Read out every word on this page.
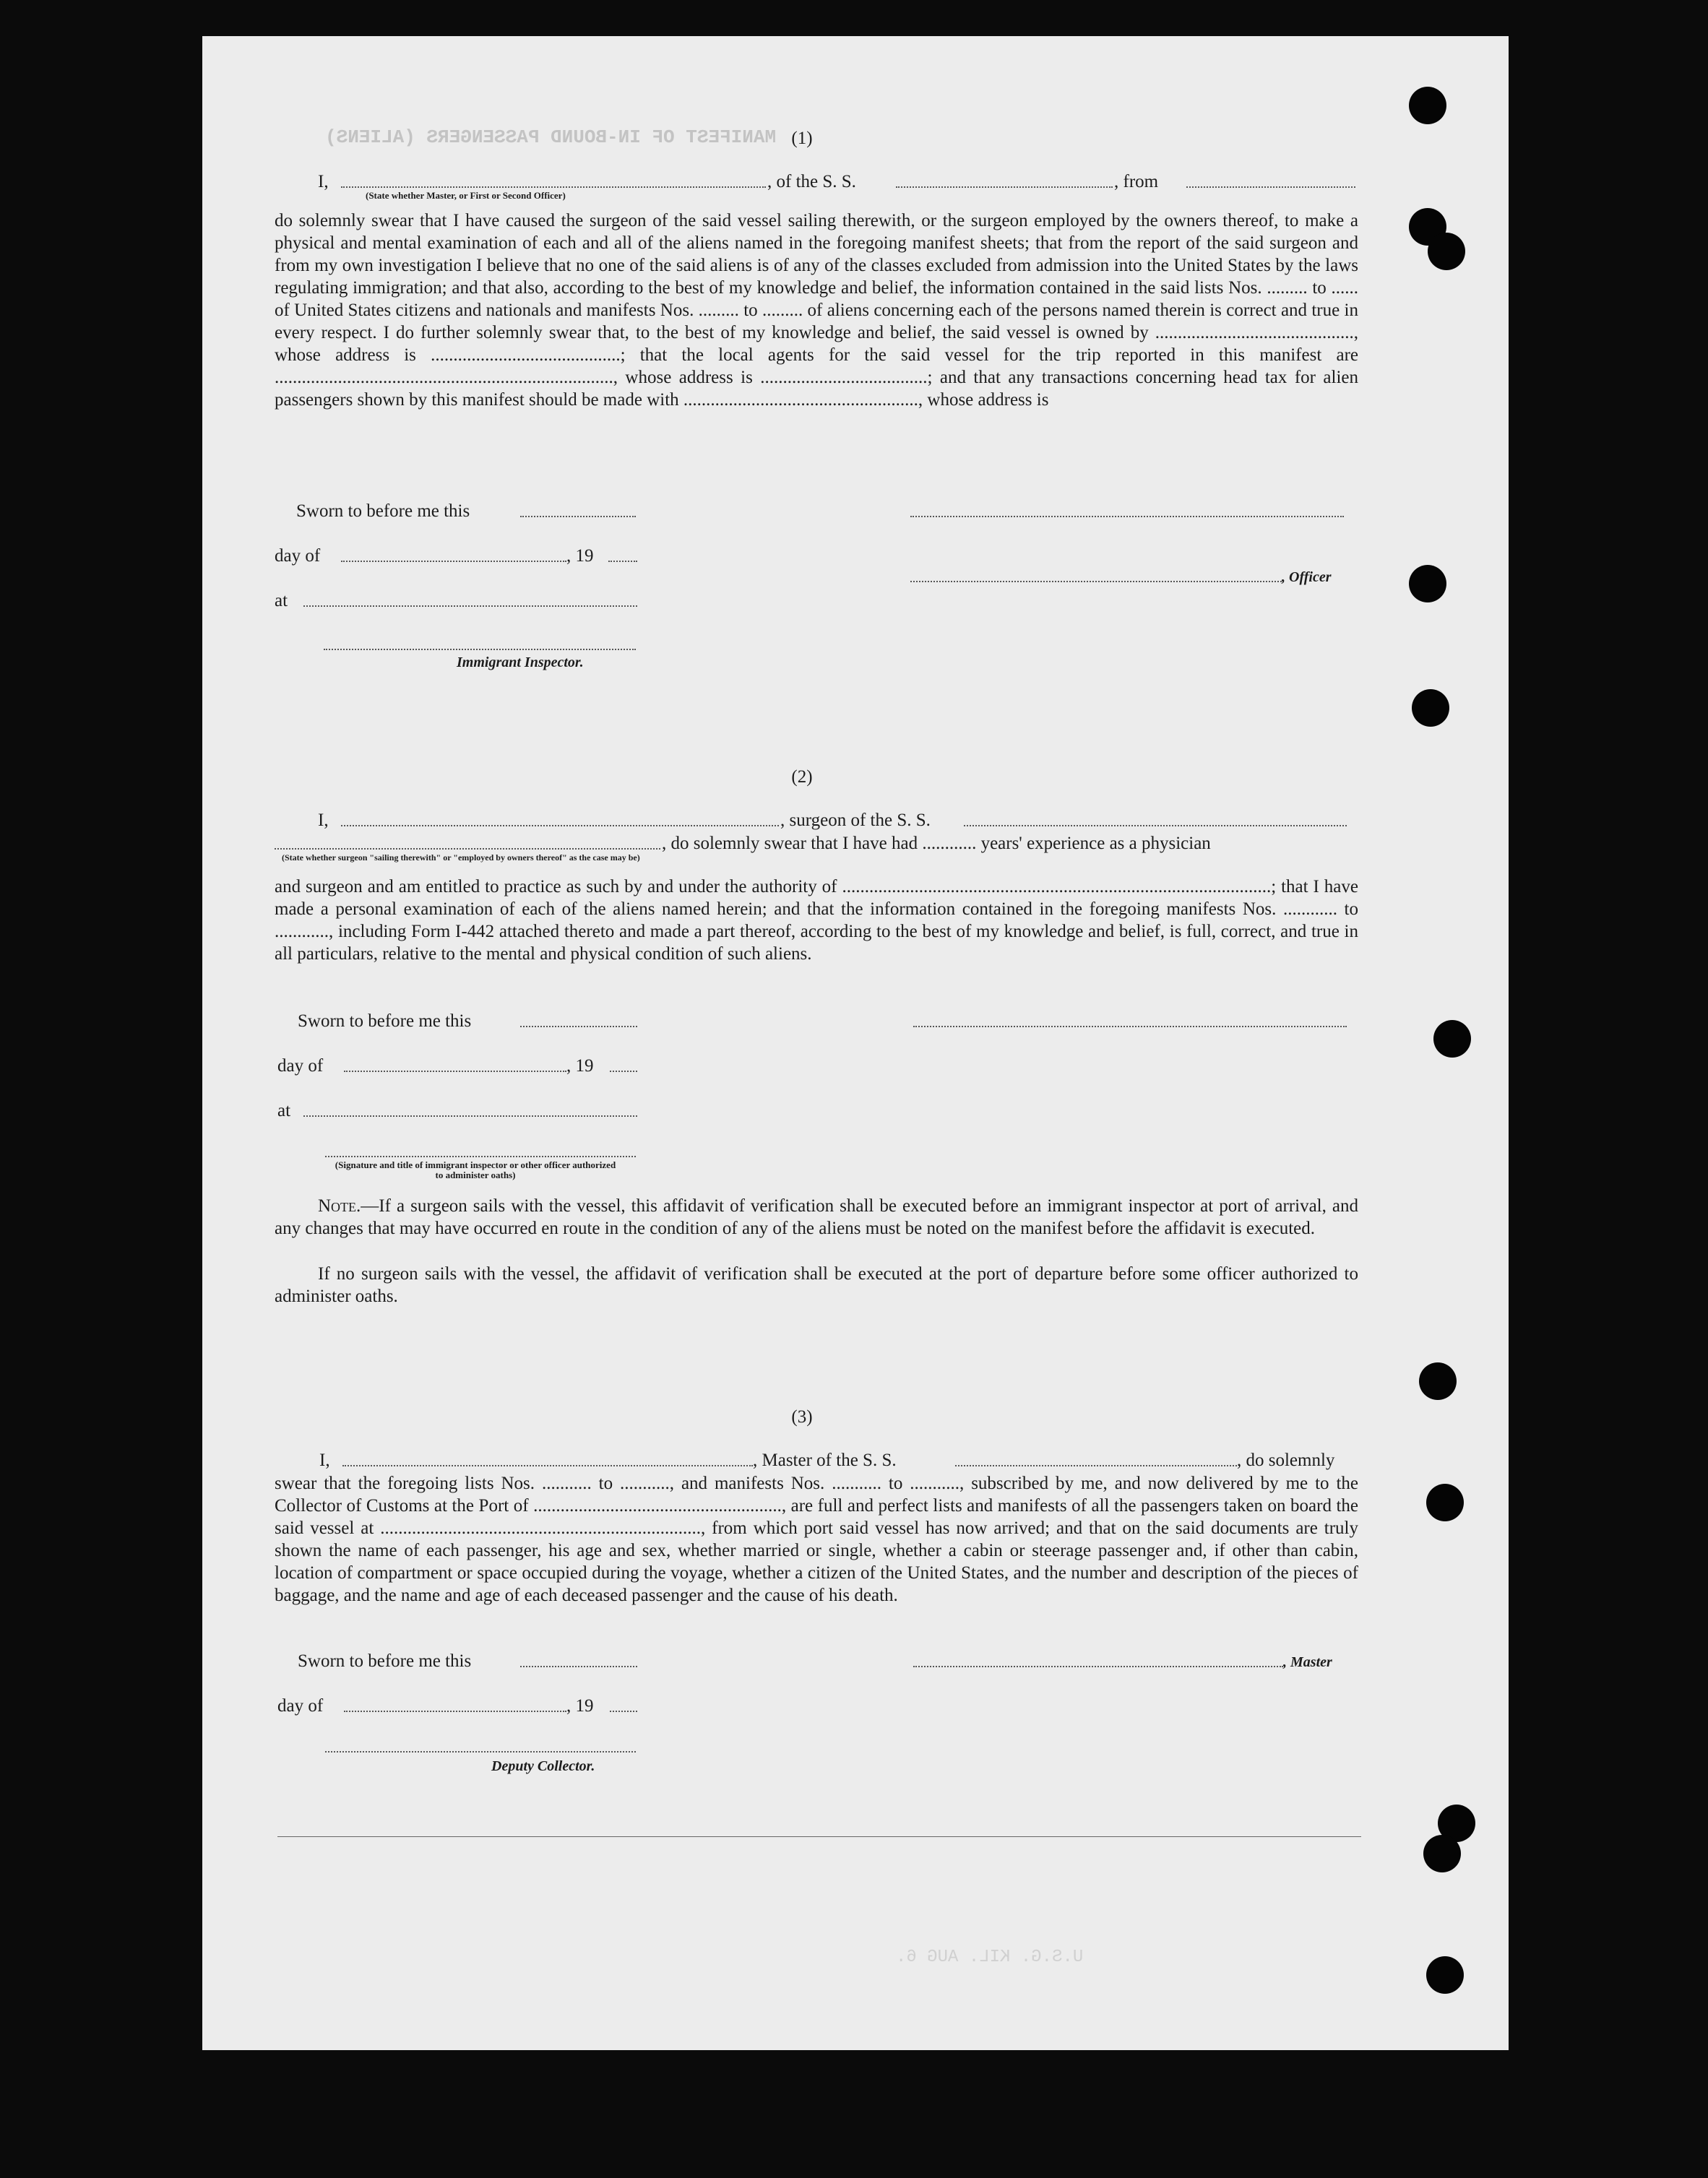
MANIFEST OF IN-BOUND PASSENGERS (ALIENS)
U.S.G. KIL. AUG 6.
(1)
I,	, of the S. S.	, from
(State whether Master, or First or Second Officer)
do solemnly swear that I have caused the surgeon of the said vessel sailing therewith, or the surgeon employed by the owners thereof, to make a physical and mental examination of each and all of the aliens named in the foregoing manifest sheets; that from the report of the said surgeon and from my own investigation I believe that no one of the said aliens is of any of the classes excluded from admission into the United States by the laws regulating immigration; and that also, according to the best of my knowledge and belief, the information contained in the said lists Nos. ......... to ...... of United States citizens and nationals and manifests Nos. ......... to ......... of aliens concerning each of the persons named therein is correct and true in every respect. I do further solemnly swear that, to the best of my knowledge and belief, the said vessel is owned by ............................................, whose address is ..........................................; that the local agents for the said vessel for the trip reported in this manifest are ..........................................................................., whose address is .....................................; and that any transactions concerning head tax for alien passengers shown by this manifest should be made with ...................................................., whose address is
Sworn to before me this
day of	, 19
, Officer
at
Immigrant Inspector.
(2)
I,	, surgeon of the S. S.
, do solemnly swear that I have had ............ years' experience as a physician
(State whether surgeon "sailing therewith" or "employed by owners thereof" as the case may be)
and surgeon and am entitled to practice as such by and under the authority of ...............................................................................................; that I have made a personal examination of each of the aliens named herein; and that the information contained in the foregoing manifests Nos. ............ to ............, including Form I-442 attached thereto and made a part thereof, according to the best of my knowledge and belief, is full, correct, and true in all particulars, relative to the mental and physical condition of such aliens.
Sworn to before me this
day of	, 19
at
(Signature and title of immigrant inspector or other officer authorized to administer oaths)
Note.—If a surgeon sails with the vessel, this affidavit of verification shall be executed before an immigrant inspector at port of arrival, and any changes that may have occurred en route in the condition of any of the aliens must be noted on the manifest before the affidavit is executed.
If no surgeon sails with the vessel, the affidavit of verification shall be executed at the port of departure before some officer authorized to administer oaths.
(3)
I,	, Master of the S. S.	, do solemnly
swear that the foregoing lists Nos. ........... to ..........., and manifests Nos. ........... to ..........., subscribed by me, and now delivered by me to the Collector of Customs at the Port of ......................................................., are full and perfect lists and manifests of all the passengers taken on board the said vessel at ......................................................................., from which port said vessel has now arrived; and that on the said documents are truly shown the name of each passenger, his age and sex, whether married or single, whether a cabin or steerage passenger and, if other than cabin, location of compartment or space occupied during the voyage, whether a citizen of the United States, and the number and description of the pieces of baggage, and the name and age of each deceased passenger and the cause of his death.
Sworn to before me this	, Master
day of	, 19
Deputy Collector.
